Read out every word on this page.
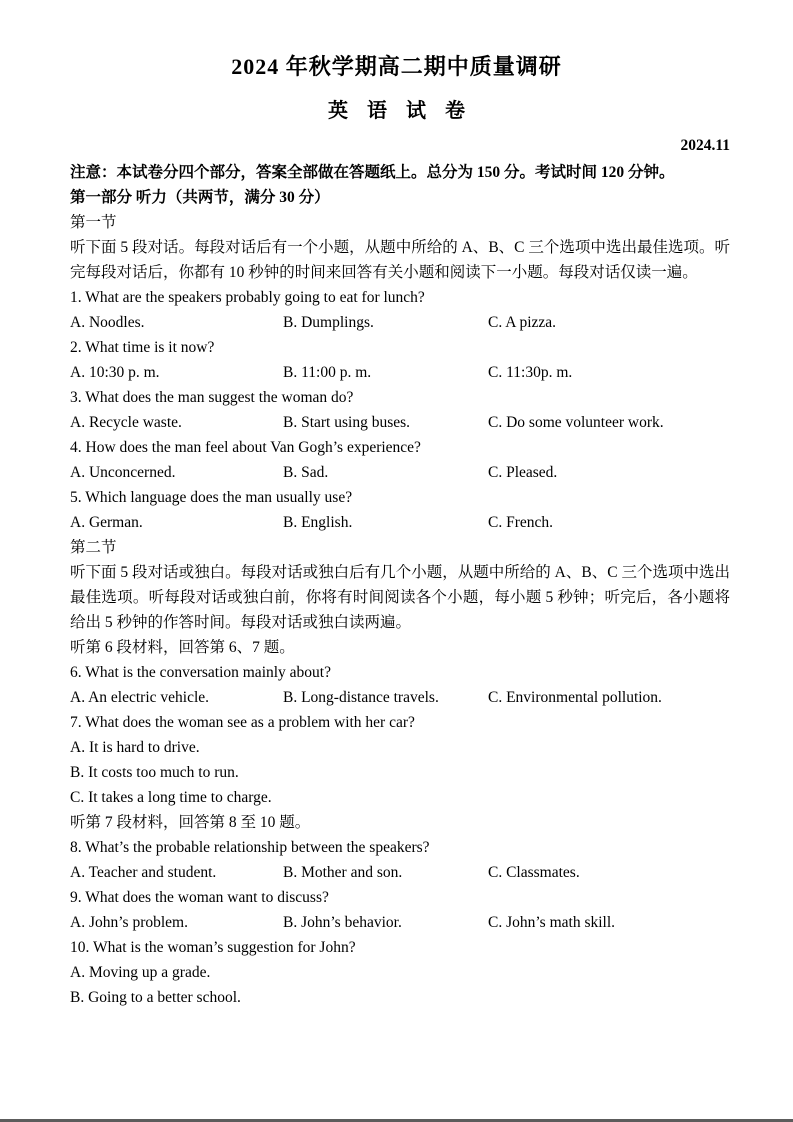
2024 年秋学期高二期中质量调研
英 语 试 卷
2024.11
注意：本试卷分四个部分，答案全部做在答题纸上。总分为 150 分。考试时间 120 分钟。
第一部分 听力（共两节，满分 30 分）
第一节
听下面 5 段对话。每段对话后有一个小题，从题中所给的 A、B、C 三个选项中选出最佳选项。听完每段对话后，你都有 10 秒钟的时间来回答有关小题和阅读下一小题。每段对话仅读一遍。
1. What are the speakers probably going to eat for lunch?
A. Noodles.	B. Dumplings.	C. A pizza.
2. What time is it now?
A. 10:30 p. m.	B. 11:00 p. m.	C. 11:30p. m.
3. What does the man suggest the woman do?
A. Recycle waste.	B. Start using buses.	C. Do some volunteer work.
4. How does the man feel about Van Gogh’s experience?
A. Unconcerned.	B. Sad.	C. Pleased.
5. Which language does the man usually use?
A. German.	B. English.	C. French.
第二节
听下面 5 段对话或独白。每段对话或独白后有几个小题，从题中所给的 A、B、C 三个选项中选出最佳选项。听每段对话或独白前，你将有时间阅读各个小题，每小题 5 秒钟；听完后，各小题将给出 5 秒钟的作答时间。每段对话或独白读两遍。
听第 6 段材料，回答第 6、7 题。
6. What is the conversation mainly about?
A. An electric vehicle.	B. Long-distance travels.	C. Environmental pollution.
7. What does the woman see as a problem with her car?
A. It is hard to drive.
B. It costs too much to run.
C. It takes a long time to charge.
听第 7 段材料，回答第 8 至 10 题。
8. What’s the probable relationship between the speakers?
A. Teacher and student.	B. Mother and son.	C. Classmates.
9. What does the woman want to discuss?
A. John’s problem.	B. John’s behavior.	C. John’s math skill.
10. What is the woman’s suggestion for John?
A. Moving up a grade.
B. Going to a better school.
